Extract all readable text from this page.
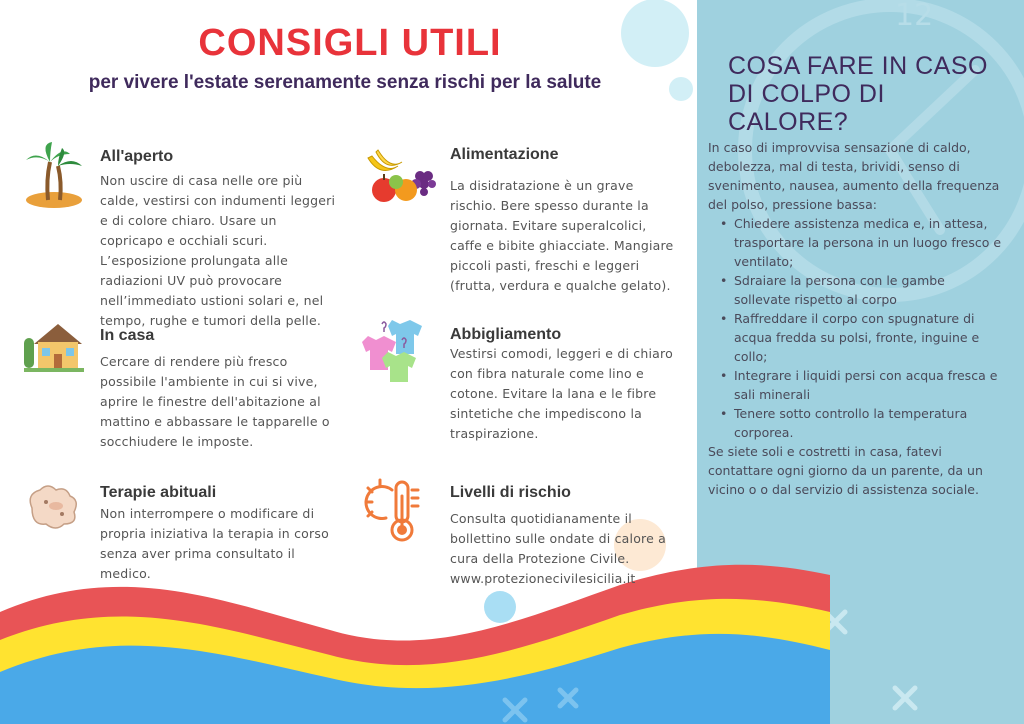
12
CONSIGLI UTILI
per vivere l'estate serenamente senza rischi per la salute
All'aperto
Non uscire di casa nelle ore più calde, vestirsi con indumenti leggeri e di colore chiaro. Usare un copricapo e occhiali scuri. L’esposizione prolungata alle radiazioni UV può provocare nell’immediato ustioni solari e, nel tempo, rughe e tumori della pelle.
In casa
Cercare di rendere più fresco possibile l'ambiente in cui si vive, aprire le finestre dell'abitazione al mattino e abbassare le tapparelle o socchiudere le imposte.
Terapie abituali
Non interrompere o modificare di propria iniziativa la terapia in corso senza aver prima consultato il medico.
Alimentazione
La disidratazione è un grave rischio. Bere spesso durante la giornata. Evitare superalcolici, caffe e bibite ghiacciate. Mangiare piccoli pasti, freschi e leggeri (frutta, verdura e qualche gelato).
Abbigliamento
Vestirsi comodi, leggeri e di chiaro con fibra naturale come lino e cotone. Evitare la lana e le fibre sintetiche che impediscono la traspirazione.
Livelli di rischio
Consulta quotidianamente il bollettino sulle ondate di calore a cura della Protezione Civile.
www.protezionecivilesicilia.it
COSA FARE IN CASO DI COLPO DI CALORE?
In caso di improvvisa sensazione di caldo, debolezza, mal di testa, brividi, senso di svenimento, nausea, aumento della frequenza del polso, pressione bassa:
• Chiedere assistenza medica e, in attesa, trasportare la persona in un luogo fresco e ventilato;
• Sdraiare la persona con le gambe sollevate rispetto al corpo
• Raffreddare il corpo con spugnature di acqua fredda su polsi, fronte, inguine e collo;
• Integrare i liquidi persi con acqua fresca e sali minerali
• Tenere sotto controllo la temperatura corporea.
Se siete soli e costretti in casa, fatevi contattare ogni giorno da un parente, da un vicino o o dal servizio di assistenza sociale.
